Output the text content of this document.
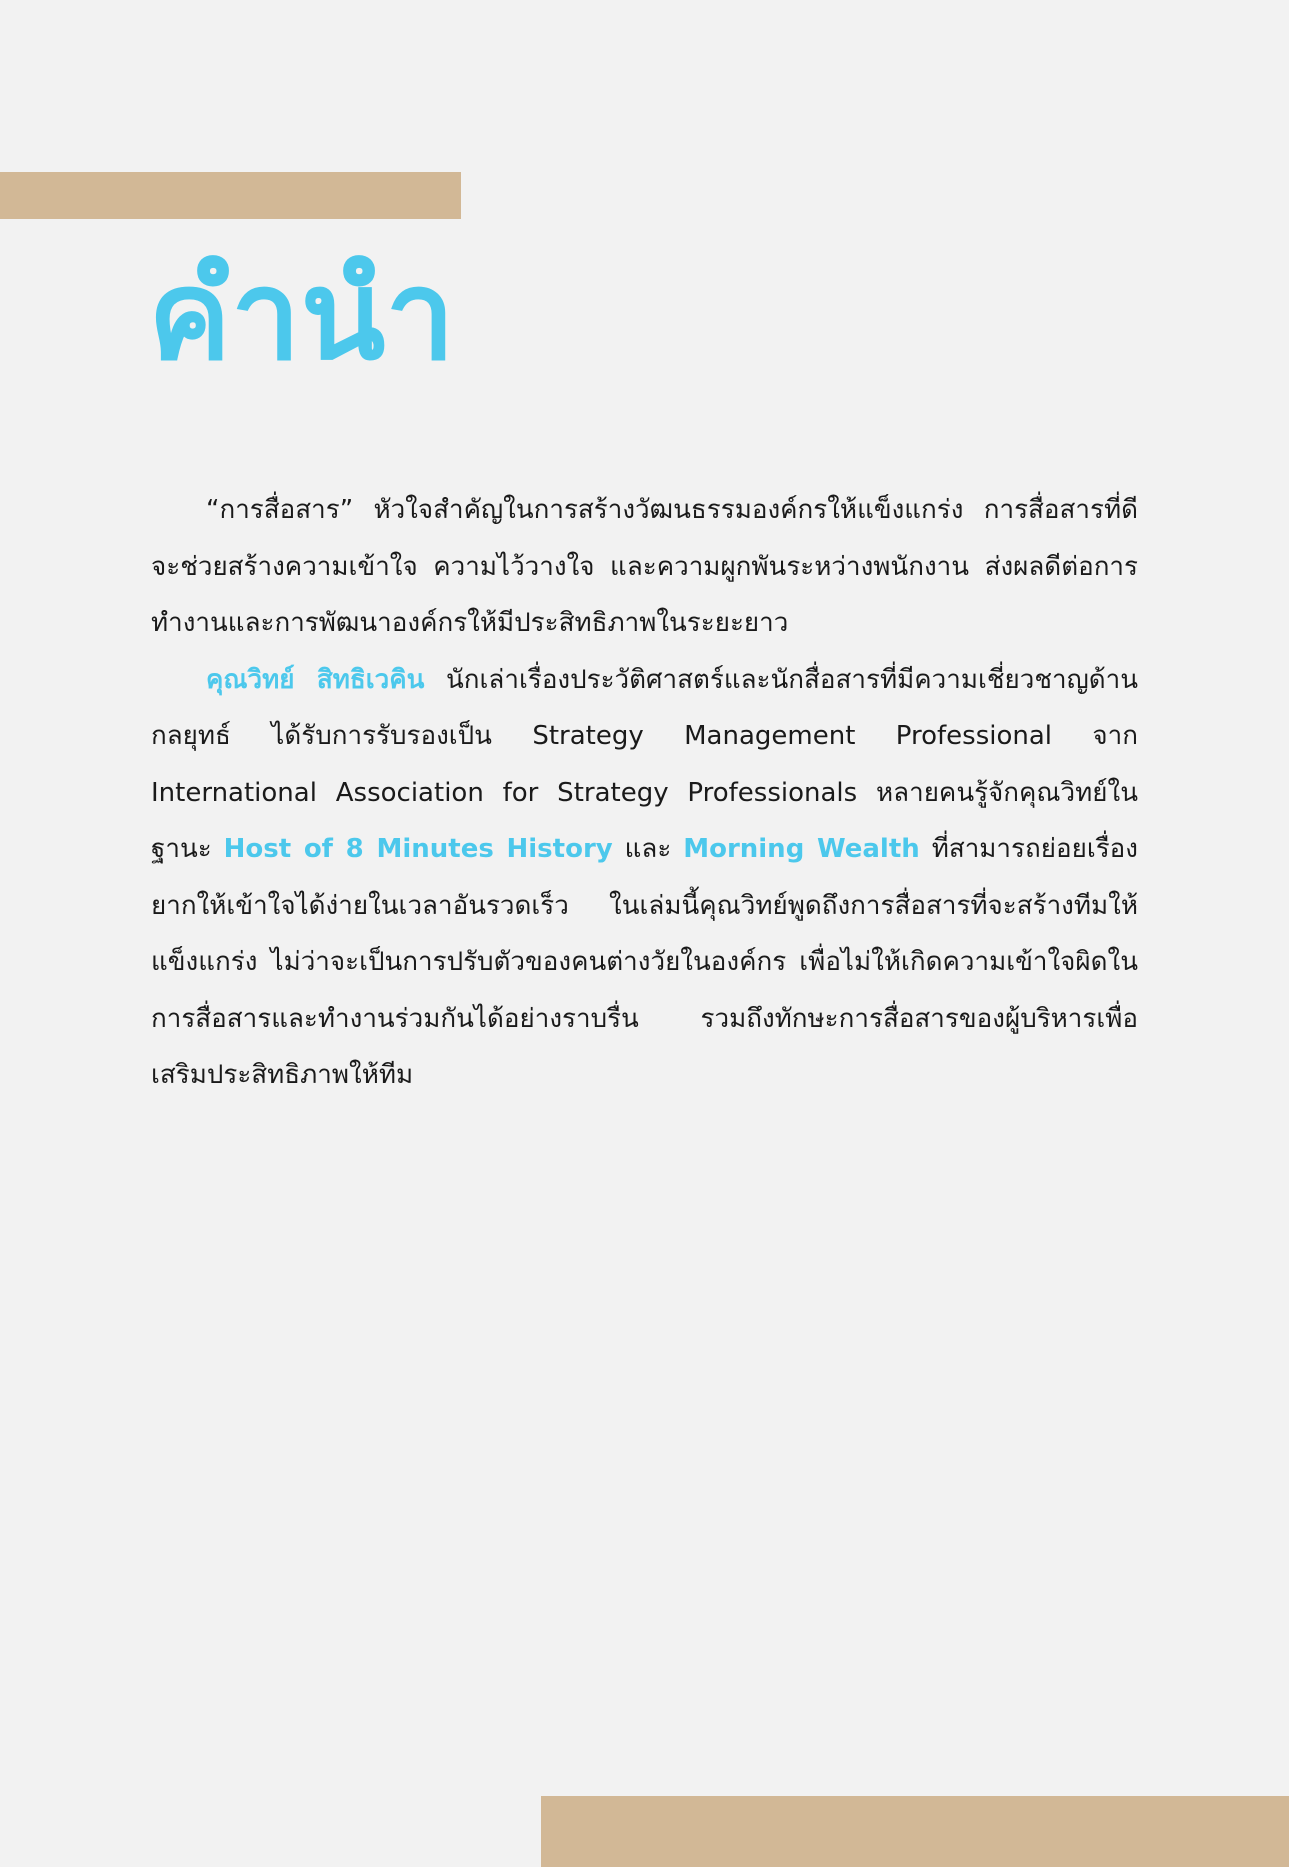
คำนำ

“การสื่อสาร” หัวใจสำคัญในการสร้างวัฒนธรรมองค์กรให้แข็งแกร่ง การสื่อสารที่ดีจะช่วยสร้างความเข้าใจ ความไว้วางใจ และความผูกพันระหว่างพนักงาน ส่งผลดีต่อการทำงานและการพัฒนาองค์กรให้มีประสิทธิภาพในระยะยาว

คุณวิทย์ สิทธิเวคิน นักเล่าเรื่องประวัติศาสตร์และนักสื่อสารที่มีความเชี่ยวชาญด้านกลยุทธ์ ได้รับการรับรองเป็น Strategy Management Professional จาก International Association for Strategy Professionals หลายคนรู้จักคุณวิทย์ในฐานะ Host of 8 Minutes History และ Morning Wealth ที่สามารถย่อยเรื่องยากให้เข้าใจได้ง่ายในเวลาอันรวดเร็ว ในเล่มนี้คุณวิทย์พูดถึงการสื่อสารที่จะสร้างทีมให้แข็งแกร่ง ไม่ว่าจะเป็นการปรับตัวของคนต่างวัยในองค์กร เพื่อไม่ให้เกิดความเข้าใจผิดในการสื่อสารและทำงานร่วมกันได้อย่างราบรื่น รวมถึงทักษะการสื่อสารของผู้บริหารเพื่อเสริมประสิทธิภาพให้ทีม
